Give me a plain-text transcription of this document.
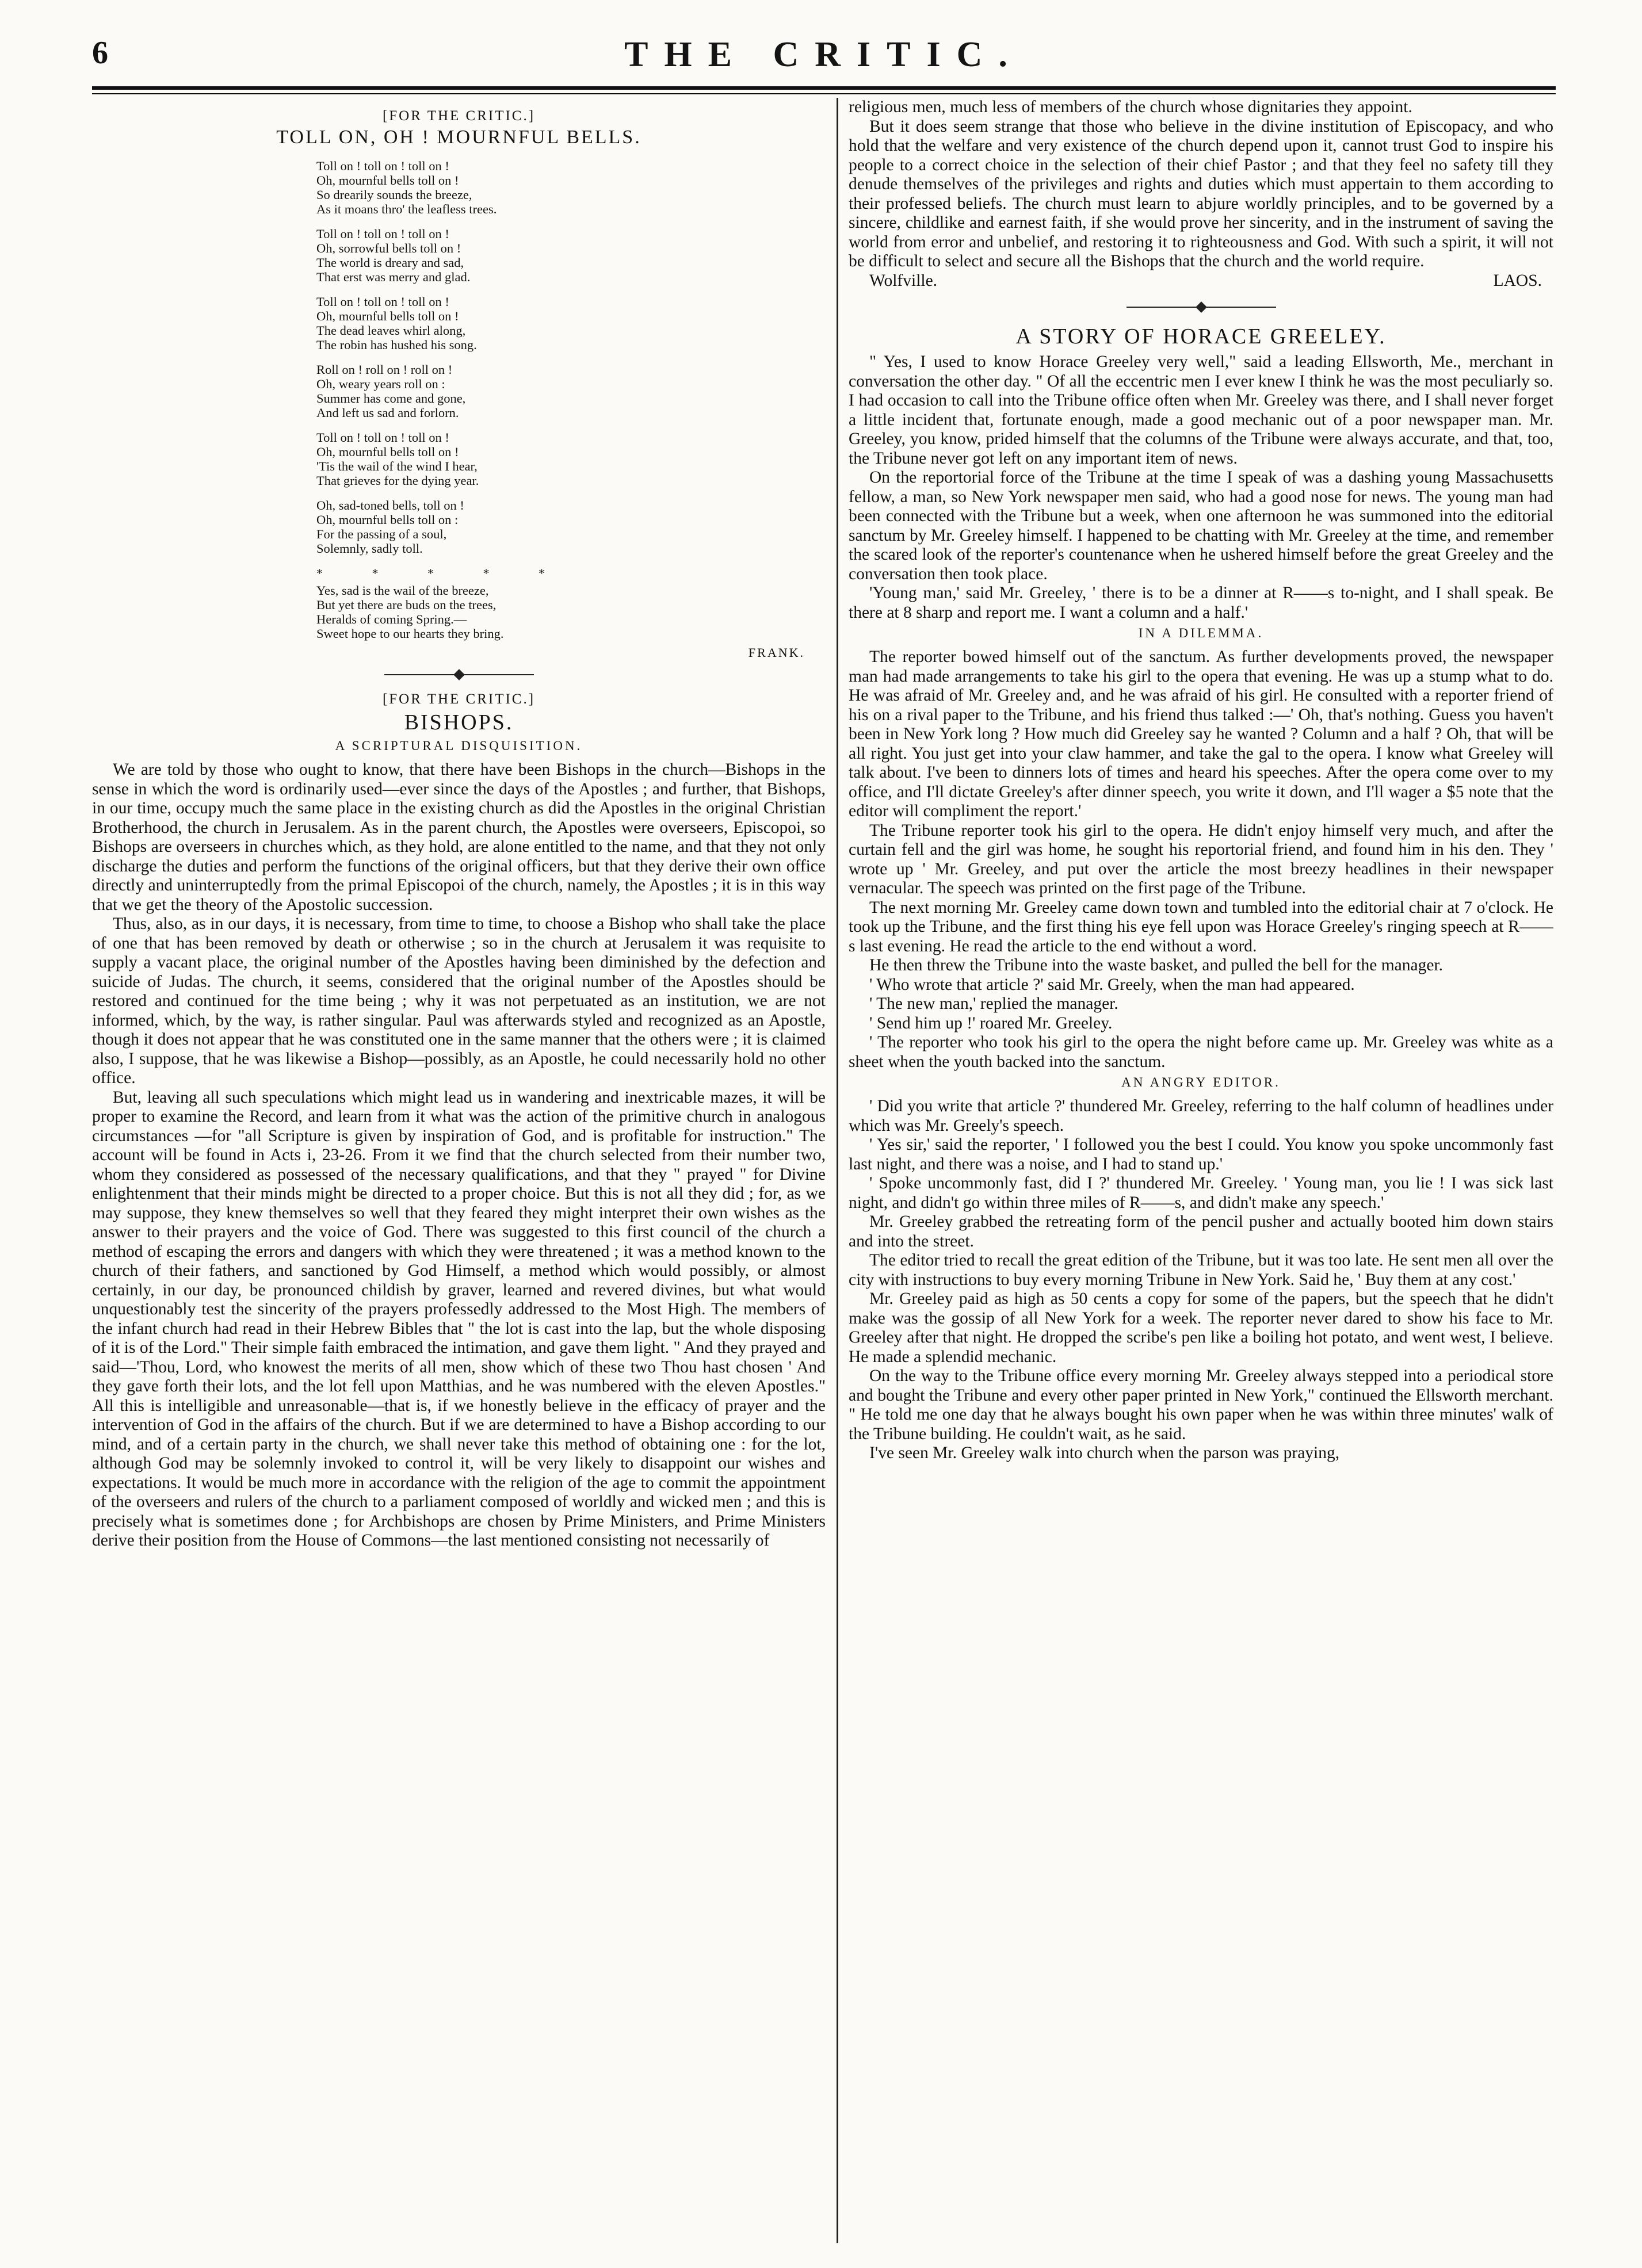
6	THE CRITIC.
[FOR THE CRITIC.]
TOLL ON, OH ! MOURNFUL BELLS.
Toll on ! toll on ! toll on !
Oh, mournful bells toll on !
So drearily sounds the breeze,
As it moans thro' the leafless trees.
Toll on ! toll on ! toll on !
Oh, sorrowful bells toll on !
The world is dreary and sad,
That erst was merry and glad.
Toll on ! toll on ! toll on !
Oh, mournful bells toll on !
The dead leaves whirl along,
The robin has hushed his song.
Roll on ! roll on ! roll on !
Oh, weary years roll on :
Summer has come and gone,
And left us sad and forlorn.
Toll on ! toll on ! toll on !
Oh, mournful bells toll on !
'Tis the wail of the wind I hear,
That grieves for the dying year.
Oh, sad-toned bells, toll on !
Oh, mournful bells toll on :
For the passing of a soul,
Solemnly, sadly toll.
* * * * *
Yes, sad is the wail of the breeze,
But yet there are buds on the trees,
Heralds of coming Spring.—
Sweet hope to our hearts they bring.
FRANK.
[FOR THE CRITIC.]
BISHOPS.
A SCRIPTURAL DISQUISITION.

We are told by those who ought to know, that there have been Bishops in the church—Bishops in the sense in which the word is ordinarily used—ever since the days of the Apostles ; and further, that Bishops, in our time, occupy much the same place in the existing church as did the Apostles in the original Christian Brotherhood, the church in Jerusalem. As in the parent church, the Apostles were overseers, Episcopoi, so Bishops are overseers in churches which, as they hold, are alone entitled to the name, and that they not only discharge the duties and perform the functions of the original officers, but that they derive their own office directly and uninterruptedly from the primal Episcopoi of the church, namely, the Apostles ; it is in this way that we get the theory of the Apostolic succession.

Thus, also, as in our days, it is necessary, from time to time, to choose a Bishop who shall take the place of one that has been removed by death or otherwise ; so in the church at Jerusalem it was requisite to supply a vacant place, the original number of the Apostles having been diminished by the defection and suicide of Judas. The church, it seems, considered that the original number of the Apostles should be restored and continued for the time being ; why it was not perpetuated as an institution, we are not informed, which, by the way, is rather singular. Paul was afterwards styled and recognized as an Apostle, though it does not appear that he was constituted one in the same manner that the others were ; it is claimed also, I suppose, that he was likewise a Bishop—possibly, as an Apostle, he could necessarily hold no other office.

But, leaving all such speculations which might lead us in wandering and inextricable mazes, it will be proper to examine the Record, and learn from it what was the action of the primitive church in analogous circumstances —for "all Scripture is given by inspiration of God, and is profitable for instruction." The account will be found in Acts i, 23-26. From it we find that the church selected from their number two, whom they considered as possessed of the necessary qualifications, and that they " prayed " for Divine enlightenment that their minds might be directed to a proper choice. But this is not all they did ; for, as we may suppose, they knew themselves so well that they feared they might interpret their own wishes as the answer to their prayers and the voice of God. There was suggested to this first council of the church a method of escaping the errors and dangers with which they were threatened ; it was a method known to the church of their fathers, and sanctioned by God Himself, a method which would possibly, or almost certainly, in our day, be pronounced childish by graver, learned and revered divines, but what would unquestionably test the sincerity of the prayers professedly addressed to the Most High. The members of the infant church had read in their Hebrew Bibles that " the lot is cast into the lap, but the whole disposing of it is of the Lord." Their simple faith embraced the intimation, and gave them light. " And they prayed and said—'Thou, Lord, who knowest the merits of all men, show which of these two Thou hast chosen ' And they gave forth their lots, and the lot fell upon Matthias, and he was numbered with the eleven Apostles." All this is intelligible and unreasonable—that is, if we honestly believe in the efficacy of prayer and the intervention of God in the affairs of the church. But if we are determined to have a Bishop according to our mind, and of a certain party in the church, we shall never take this method of obtaining one : for the lot, although God may be solemnly invoked to control it, will be very likely to disappoint our wishes and expectations. It would be much more in accordance with the religion of the age to commit the appointment of the overseers and rulers of the church to a parliament composed of worldly and wicked men ; and this is precisely what is sometimes done ; for Archbishops are chosen by Prime Ministers, and Prime Ministers derive their position from the House of Commons—the last mentioned consisting not necessarily of

religious men, much less of members of the church whose dignitaries they appoint.

But it does seem strange that those who believe in the divine institution of Episcopacy, and who hold that the welfare and very existence of the church depend upon it, cannot trust God to inspire his people to a correct choice in the selection of their chief Pastor ; and that they feel no safety till they denude themselves of the privileges and rights and duties which must appertain to them according to their professed beliefs. The church must learn to abjure worldly principles, and to be governed by a sincere, childlike and earnest faith, if she would prove her sincerity, and in the instrument of saving the world from error and unbelief, and restoring it to righteousness and God. With such a spirit, it will not be difficult to select and secure all the Bishops that the church and the world require.

Wolfville.	LAOS.
A STORY OF HORACE GREELEY.

" Yes, I used to know Horace Greeley very well," said a leading Ellsworth, Me., merchant in conversation the other day. " Of all the eccentric men I ever knew I think he was the most peculiarly so. I had occasion to call into the Tribune office often when Mr. Greeley was there, and I shall never forget a little incident that, fortunate enough, made a good mechanic out of a poor newspaper man. Mr. Greeley, you know, prided himself that the columns of the Tribune were always accurate, and that, too, the Tribune never got left on any important item of news.

On the reportorial force of the Tribune at the time I speak of was a dashing young Massachusetts fellow, a man, so New York newspaper men said, who had a good nose for news. The young man had been connected with the Tribune but a week, when one afternoon he was summoned into the editorial sanctum by Mr. Greeley himself. I happened to be chatting with Mr. Greeley at the time, and remember the scared look of the reporter's countenance when he ushered himself before the great Greeley and the conversation then took place.

'Young man,' said Mr. Greeley, ' there is to be a dinner at R——s to-night, and I shall speak. Be there at 8 sharp and report me. I want a column and a half.'

IN A DILEMMA.

The reporter bowed himself out of the sanctum. As further developments proved, the newspaper man had made arrangements to take his girl to the opera that evening. He was up a stump what to do. He was afraid of Mr. Greeley and, and he was afraid of his girl. He consulted with a reporter friend of his on a rival paper to the Tribune, and his friend thus talked :—' Oh, that's nothing. Guess you haven't been in New York long ? How much did Greeley say he wanted ? Column and a half ? Oh, that will be all right. You just get into your claw hammer, and take the gal to the opera. I know what Greeley will talk about. I've been to dinners lots of times and heard his speeches. After the opera come over to my office, and I'll dictate Greeley's after dinner speech, you write it down, and I'll wager a $5 note that the editor will compliment the report.'

The Tribune reporter took his girl to the opera. He didn't enjoy himself very much, and after the curtain fell and the girl was home, he sought his reportorial friend, and found him in his den. They ' wrote up ' Mr. Greeley, and put over the article the most breezy headlines in their newspaper vernacular. The speech was printed on the first page of the Tribune.

The next morning Mr. Greeley came down town and tumbled into the editorial chair at 7 o'clock. He took up the Tribune, and the first thing his eye fell upon was Horace Greeley's ringing speech at R——s last evening. He read the article to the end without a word.

He then threw the Tribune into the waste basket, and pulled the bell for the manager.

' Who wrote that article ?' said Mr. Greely, when the man had appeared.

' The new man,' replied the manager.

' Send him up !' roared Mr. Greeley.

' The reporter who took his girl to the opera the night before came up. Mr. Greeley was white as a sheet when the youth backed into the sanctum.

AN ANGRY EDITOR.

' Did you write that article ?' thundered Mr. Greeley, referring to the half column of headlines under which was Mr. Greely's speech.

' Yes sir,' said the reporter, ' I followed you the best I could. You know you spoke uncommonly fast last night, and there was a noise, and I had to stand up.'

' Spoke uncommonly fast, did I ?' thundered Mr. Greeley. ' Young man, you lie ! I was sick last night, and didn't go within three miles of R——s, and didn't make any speech.'

Mr. Greeley grabbed the retreating form of the pencil pusher and actually booted him down stairs and into the street.

The editor tried to recall the great edition of the Tribune, but it was too late. He sent men all over the city with instructions to buy every morning Tribune in New York. Said he, ' Buy them at any cost.'

Mr. Greeley paid as high as 50 cents a copy for some of the papers, but the speech that he didn't make was the gossip of all New York for a week. The reporter never dared to show his face to Mr. Greeley after that night. He dropped the scribe's pen like a boiling hot potato, and went west, I believe. He made a splendid mechanic.

On the way to the Tribune office every morning Mr. Greeley always stepped into a periodical store and bought the Tribune and every other paper printed in New York," continued the Ellsworth merchant. " He told me one day that he always bought his own paper when he was within three minutes' walk of the Tribune building. He couldn't wait, as he said.

I've seen Mr. Greeley walk into church when the parson was praying,
